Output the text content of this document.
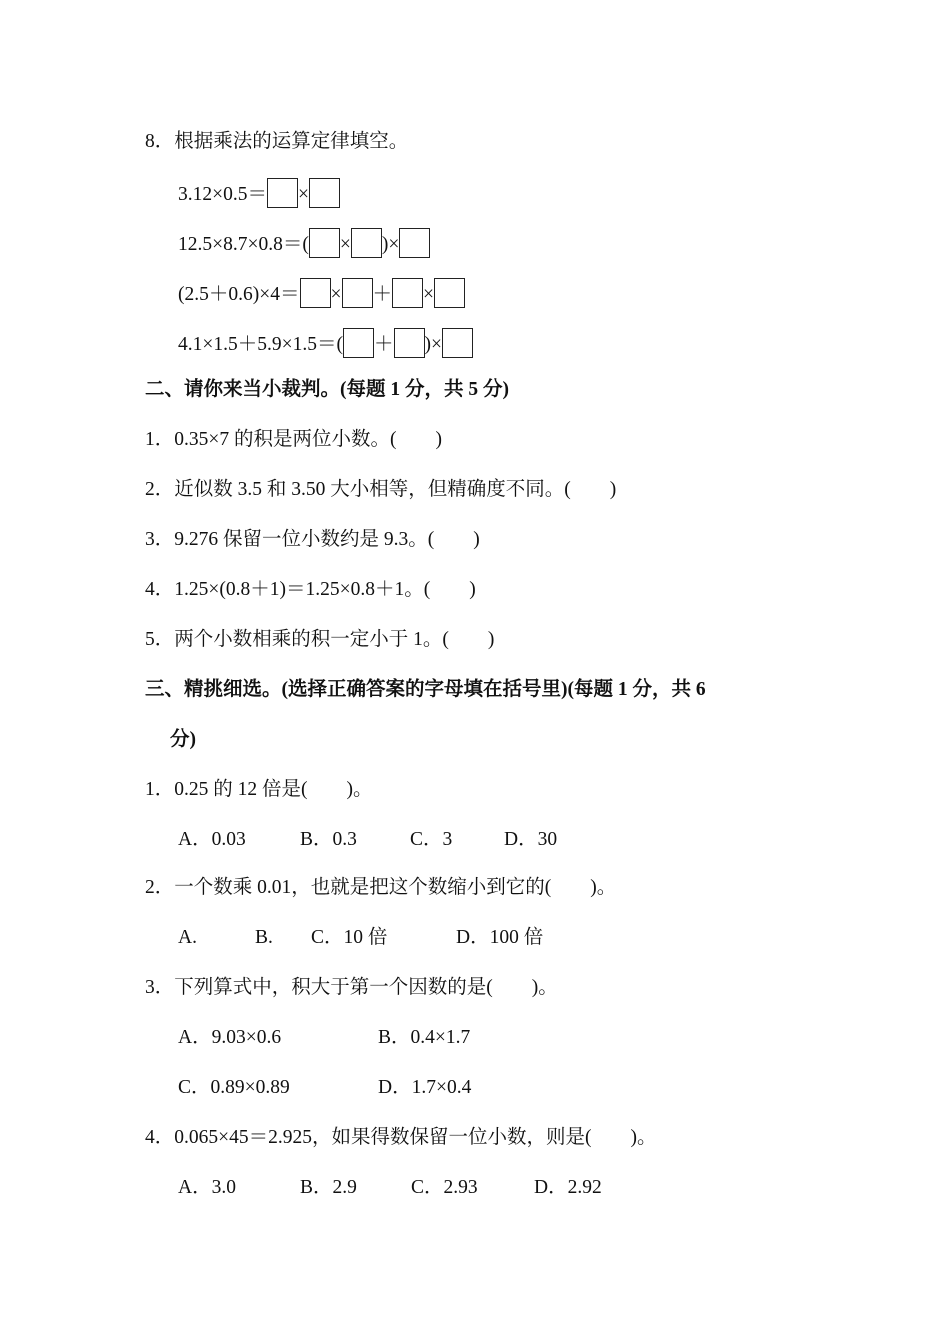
8．根据乘法的运算定律填空。
3.12×0.5＝ ×
12.5×8.7×0.8＝( × )×
(2.5＋0.6)×4＝ × ＋ ×
4.1×1.5＋5.9×1.5＝( ＋ )×
二、请你来当小裁判。(每题 1 分，共 5 分)
1．0.35×7 的积是两位小数。(　　)
2．近似数 3.5 和 3.50 大小相等，但精确度不同。(　　)
3．9.276 保留一位小数约是 9.3。(　　)
4．1.25×(0.8＋1)＝1.25×0.8＋1。(　　)
5．两个小数相乘的积一定小于 1。(　　)
三、精挑细选。(选择正确答案的字母填在括号里)(每题 1 分，共 6
分)
1．0.25 的 12 倍是(　　)。
A．0.03	B．0.3	C．3	D．30
2．一个数乘 0.01，也就是把这个数缩小到它的(　　)。
A.	B. C．10 倍	D．100 倍
3．下列算式中，积大于第一个因数的是(　　)。
A．9.03×0.6	B．0.4×1.7
C．0.89×0.89	D．1.7×0.4
4．0.065×45＝2.925，如果得数保留一位小数，则是(　　)。
A．3.0	B．2.9	C．2.93	D．2.92
